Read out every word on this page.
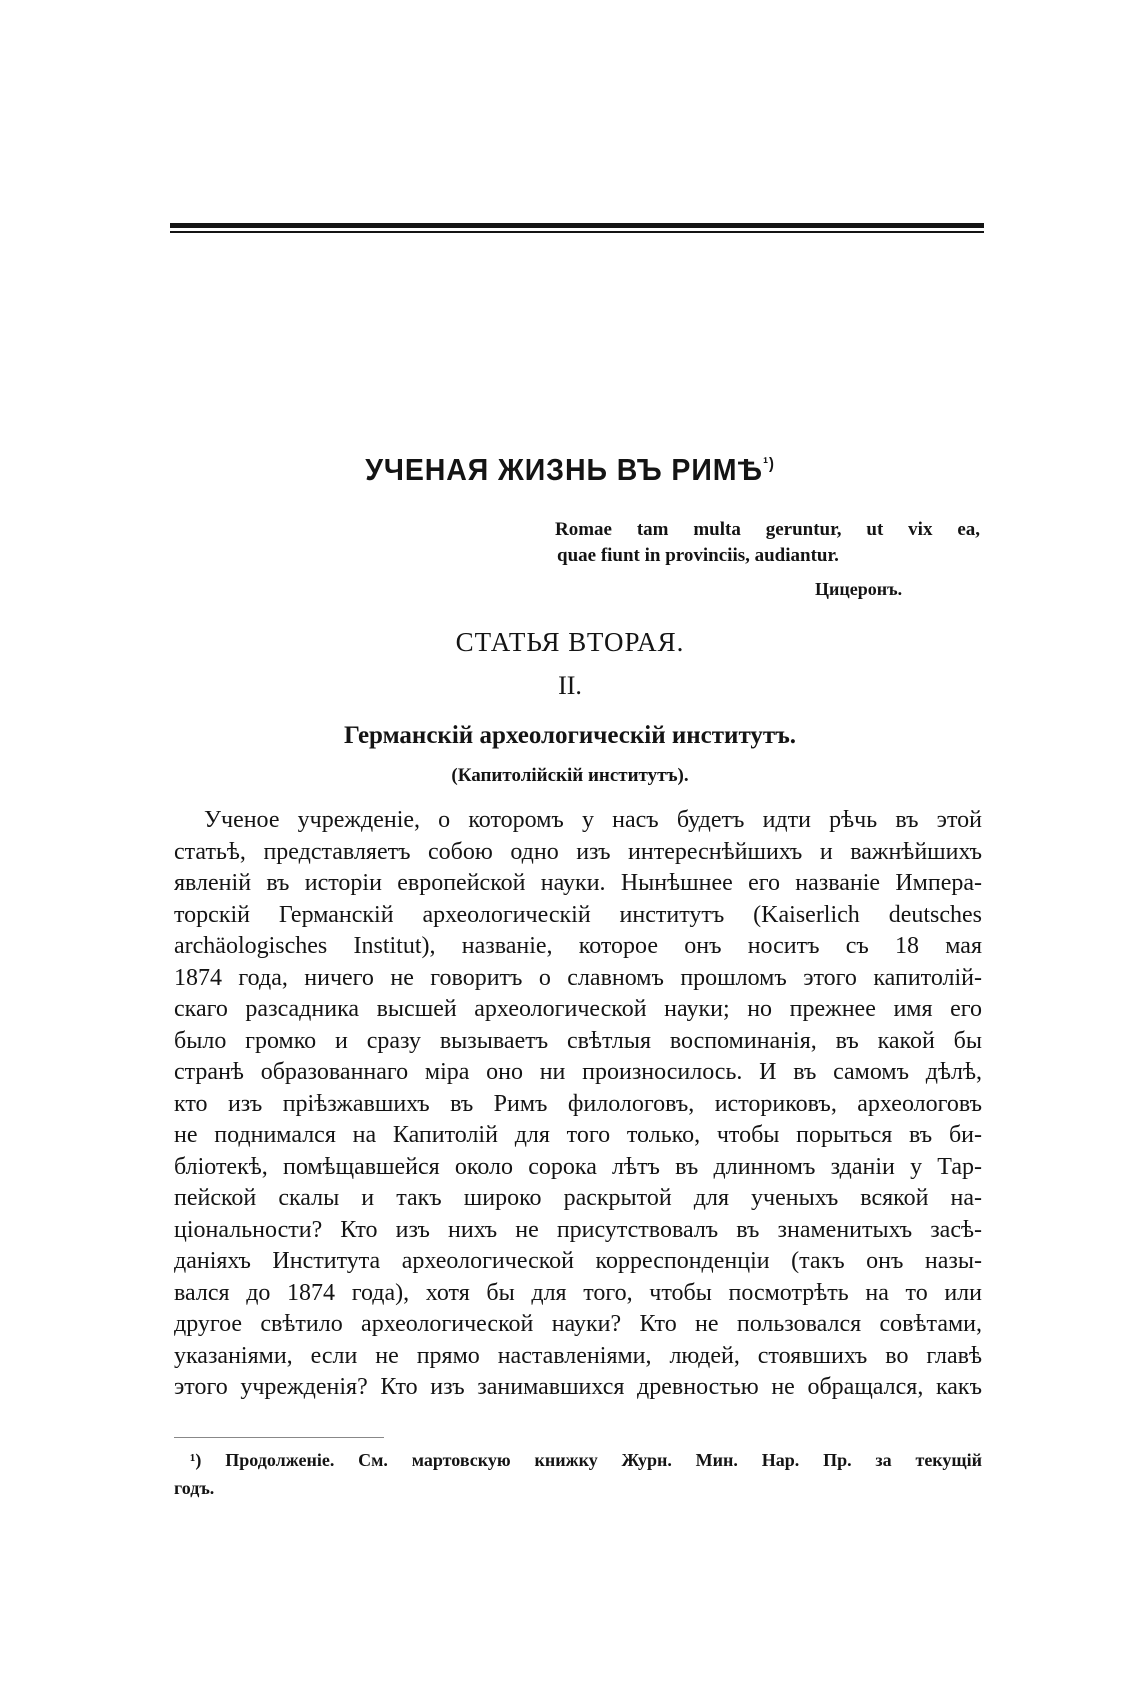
УЧЕНАЯ ЖИЗНЬ ВЪ $РИМѢ^{^1)}$
Romae tam multa geruntur, ut vix ea,
quae fiunt in provinciis, audiantur.
Цицеронъ.
СТАТЬЯ ВТОРАЯ.
II.
Германскій археологическій институтъ.
(Капитолійскій институтъ).
Ученое учрежденіе, о которомъ у насъ будетъ идти рѣчь въ этой
статьѣ, представляетъ собою одно изъ интереснѣйшихъ и важнѣйшихъ
явленій въ исторіи европейской науки. Нынѣшнее его названіе Импера-
торскій Германскій археологическій институтъ (Kaiserlich deutsches
archäologisches Institut), названіе, которое онъ носитъ съ 18 мая
1874 года, ничего не говоритъ о славномъ прошломъ этого капитолій-
скаго разсадника высшей археологической науки; но прежнее имя его
было громко и сразу вызываетъ свѣтлыя воспоминанія, въ какой бы
странѣ образованнаго міра оно ни произносилось. И въ самомъ дѣлѣ,
кто изъ пріѣзжавшихъ въ Римъ филологовъ, историковъ, археологовъ
не поднимался на Капитолій для того только, чтобы порыться въ би-
бліотекѣ, помѣщавшейся около сорока лѣтъ въ длинномъ зданіи у Тар-
пейской скалы и такъ широко раскрытой для ученыхъ всякой на-
ціональности? Кто изъ нихъ не присутствовалъ въ знаменитыхъ засѣ-
даніяхъ Института археологической корреспонденціи (такъ онъ назы-
вался до 1874 года), хотя бы для того, чтобы посмотрѣть на то или
другое свѣтило археологической науки? Кто не пользовался совѣтами,
указаніями, если не прямо наставленіями, людей, стоявшихъ во главѣ
этого учрежденія? Кто изъ занимавшихся древностью не обращался, какъ
¹) Продолженіе. См. мартовскую книжку Журн. Мин. Нар. Пр. за текущій
годъ.
